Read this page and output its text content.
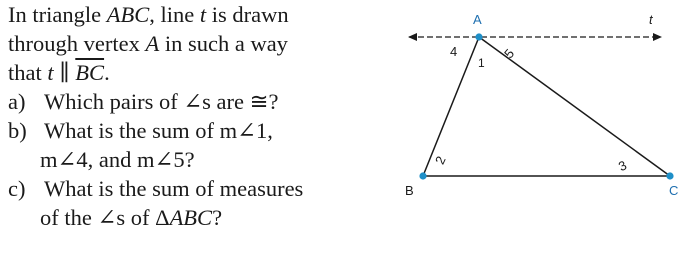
In triangle ABC, line t is drawn
through vertex A in such a way
that t ∥ $\overline{BC}$.
a) Which pairs of ∠s are ≅?
b) What is the sum of m∠1,
m∠4, and m∠5?
c) What is the sum of measures
of the ∠s of ΔABC?
A
B	C
t
4
1
5
2	3
